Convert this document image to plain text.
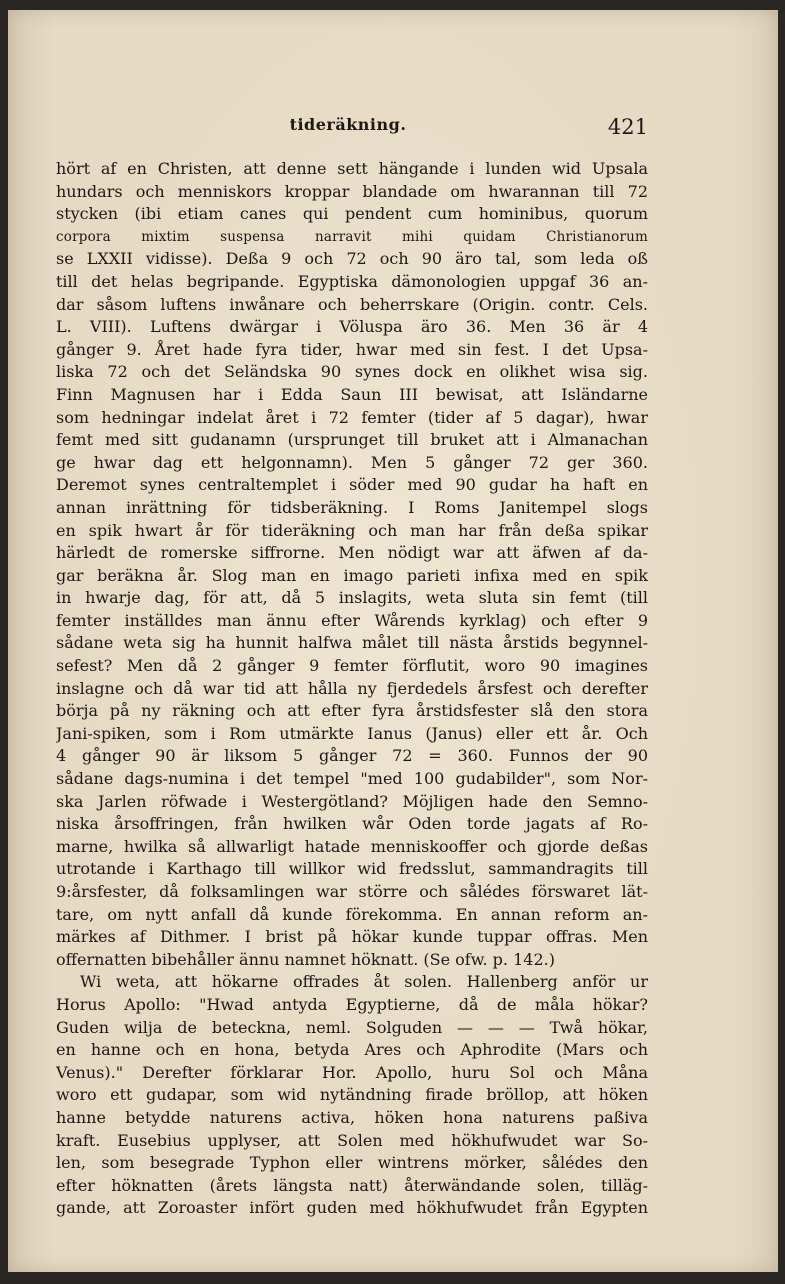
tideräkning.	421
hört af en Christen, att denne sett hängande i lunden wid Upsala
hundars och menniskors kroppar blandade om hwarannan till 72
stycken (ibi etiam canes qui pendent cum hominibus, quorum
corpora mixtim suspensa narravit mihi quidam Christianorum
se LXXII vidisse). Deßa 9 och 72 och 90 äro tal, som leda oß
till det helas begripande. Egyptiska dämonologien uppgaf 36 an-
dar såsom luftens inwånare och beherrskare (Origin. contr. Cels.
L. VIII). Luftens dwärgar i Völuspa äro 36. Men 36 är 4
gånger 9. Året hade fyra tider, hwar med sin fest. I det Upsa-
liska 72 och det Seländska 90 synes dock en olikhet wisa sig.
Finn Magnusen har i Edda Saun III bewisat, att Isländarne
som hedningar indelat året i 72 femter (tider af 5 dagar), hwar
femt med sitt gudanamn (ursprunget till bruket att i Almanachan
ge hwar dag ett helgonnamn). Men 5 gånger 72 ger 360.
Deremot synes centraltemplet i söder med 90 gudar ha haft en
annan inrättning för tidsberäkning. I Roms Janitempel slogs
en spik hwart år för tideräkning och man har från deßa spikar
härledt de romerske siffrorne. Men nödigt war att äfwen af da-
gar beräkna år. Slog man en imago parieti infixa med en spik
in hwarje dag, för att, då 5 inslagits, weta sluta sin femt (till
femter inställdes man ännu efter Wårends kyrklag) och efter 9
sådane weta sig ha hunnit halfwa målet till nästa årstids begynnel-
sefest? Men då 2 gånger 9 femter förflutit, woro 90 imagines
inslagne och då war tid att hålla ny fjerdedels årsfest och derefter
börja på ny räkning och att efter fyra årstidsfester slå den stora
Jani-spiken, som i Rom utmärkte Ianus (Janus) eller ett år. Och
4 gånger 90 är liksom 5 gånger 72 = 360. Funnos der 90
sådane dags-numina i det tempel "med 100 gudabilder", som Nor-
ska Jarlen röfwade i Westergötland? Möjligen hade den Semno-
niska årsoffringen, från hwilken wår Oden torde jagats af Ro-
marne, hwilka så allwarligt hatade menniskooffer och gjorde deßas
utrotande i Karthago till willkor wid fredsslut, sammandragits till
9:årsfester, då folksamlingen war större och sålédes förswaret lät-
tare, om nytt anfall då kunde förekomma. En annan reform an-
märkes af Dithmer. I brist på hökar kunde tuppar offras. Men
offernatten bibehåller ännu namnet höknatt. (Se ofw. p. 142.)
Wi weta, att hökarne offrades åt solen. Hallenberg anför ur
Horus Apollo: "Hwad antyda Egyptierne, då de måla hökar?
Guden wilja de beteckna, neml. Solguden — — — Twå hökar,
en hanne och en hona, betyda Ares och Aphrodite (Mars och
Venus)." Derefter förklarar Hor. Apollo, huru Sol och Måna
woro ett gudapar, som wid nytändning firade bröllop, att höken
hanne betydde naturens activa, höken hona naturens paßiva
kraft. Eusebius upplyser, att Solen med hökhufwudet war So-
len, som besegrade Typhon eller wintrens mörker, sålédes den
efter höknatten (årets längsta natt) återwändande solen, tilläg-
gande, att Zoroaster infört guden med hökhufwudet från Egypten
